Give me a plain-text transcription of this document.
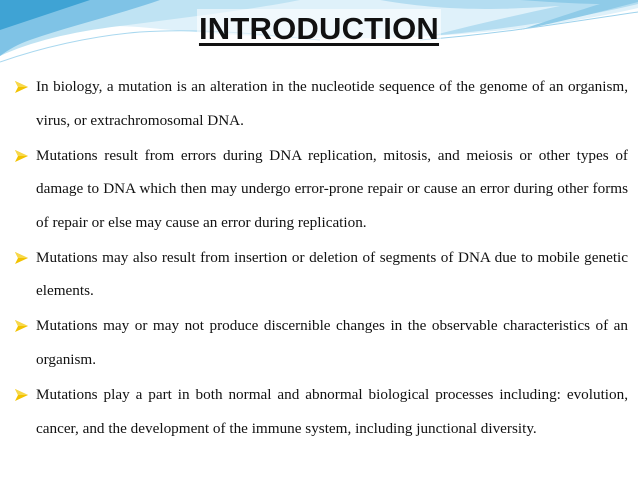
INTRODUCTION

In biology, a mutation is an alteration in the nucleotide sequence of the genome of an organism, virus, or extrachromosomal DNA.

Mutations result from errors during DNA replication, mitosis, and meiosis or other types of damage to DNA which then may undergo error-prone repair or cause an error during other forms of repair or else may cause an error during replication.

Mutations may also result from insertion or deletion of segments of DNA due to mobile genetic elements.

Mutations may or may not produce discernible changes in the observable characteristics of an organism.

Mutations play a part in both normal and abnormal biological processes including: evolution, cancer, and the development of the immune system, including junctional diversity.
